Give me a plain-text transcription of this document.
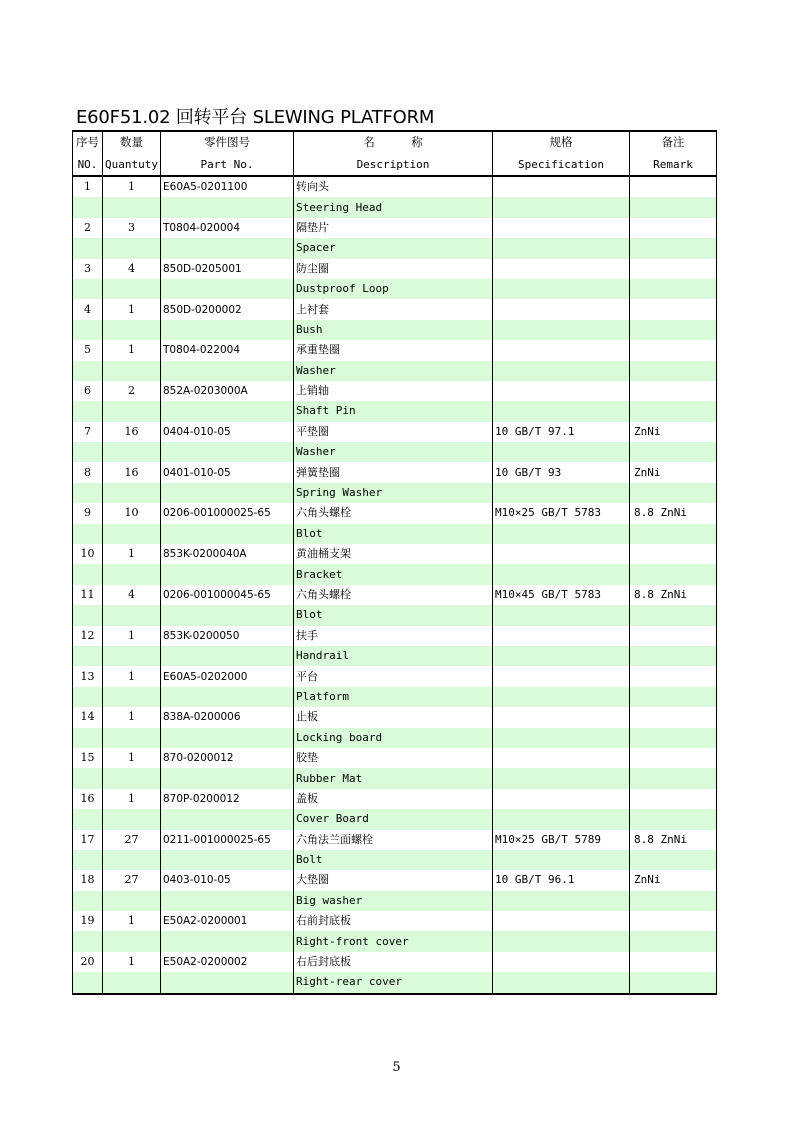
E60F51.02 回转平台 SLEWING PLATFORM
序号	数量	零件图号	名          称	规格	备注
NO.	Quantuty	Part No.	Description	Specification	Remark
1	1	E60A5-0201100	转向头		
			Steering Head		
2	3	T0804-020004	隔垫片		
			Spacer		
3	4	850D-0205001	防尘圈		
			Dustproof Loop		
4	1	850D-0200002	上衬套		
			Bush		
5	1	T0804-022004	承重垫圈		
			Washer		
6	2	852A-0203000A	上销轴		
			Shaft Pin		
7	16	0404-010-05	平垫圈	10 GB/T 97.1	ZnNi
			Washer		
8	16	0401-010-05	弹簧垫圈	10 GB/T 93	ZnNi
			Spring Washer		
9	10	0206-001000025-65	六角头螺栓	M10×25 GB/T 5783	8.8 ZnNi
			Blot		
10	1	853K-0200040A	黄油桶支架		
			Bracket		
11	4	0206-001000045-65	六角头螺栓	M10×45 GB/T 5783	8.8 ZnNi
			Blot		
12	1	853K-0200050	扶手		
			Handrail		
13	1	E60A5-0202000	平台		
			Platform		
14	1	838A-0200006	止板		
			Locking board		
15	1	870-0200012	胶垫		
			Rubber Mat		
16	1	870P-0200012	盖板		
			Cover Board		
17	27	0211-001000025-65	六角法兰面螺栓	M10×25 GB/T 5789	8.8 ZnNi
			Bolt		
18	27	0403-010-05	大垫圈	10 GB/T 96.1	ZnNi
			Big washer		
19	1	E50A2-0200001	右前封底板		
			Right-front cover		
20	1	E50A2-0200002	右后封底板		
			Right-rear cover		
5
